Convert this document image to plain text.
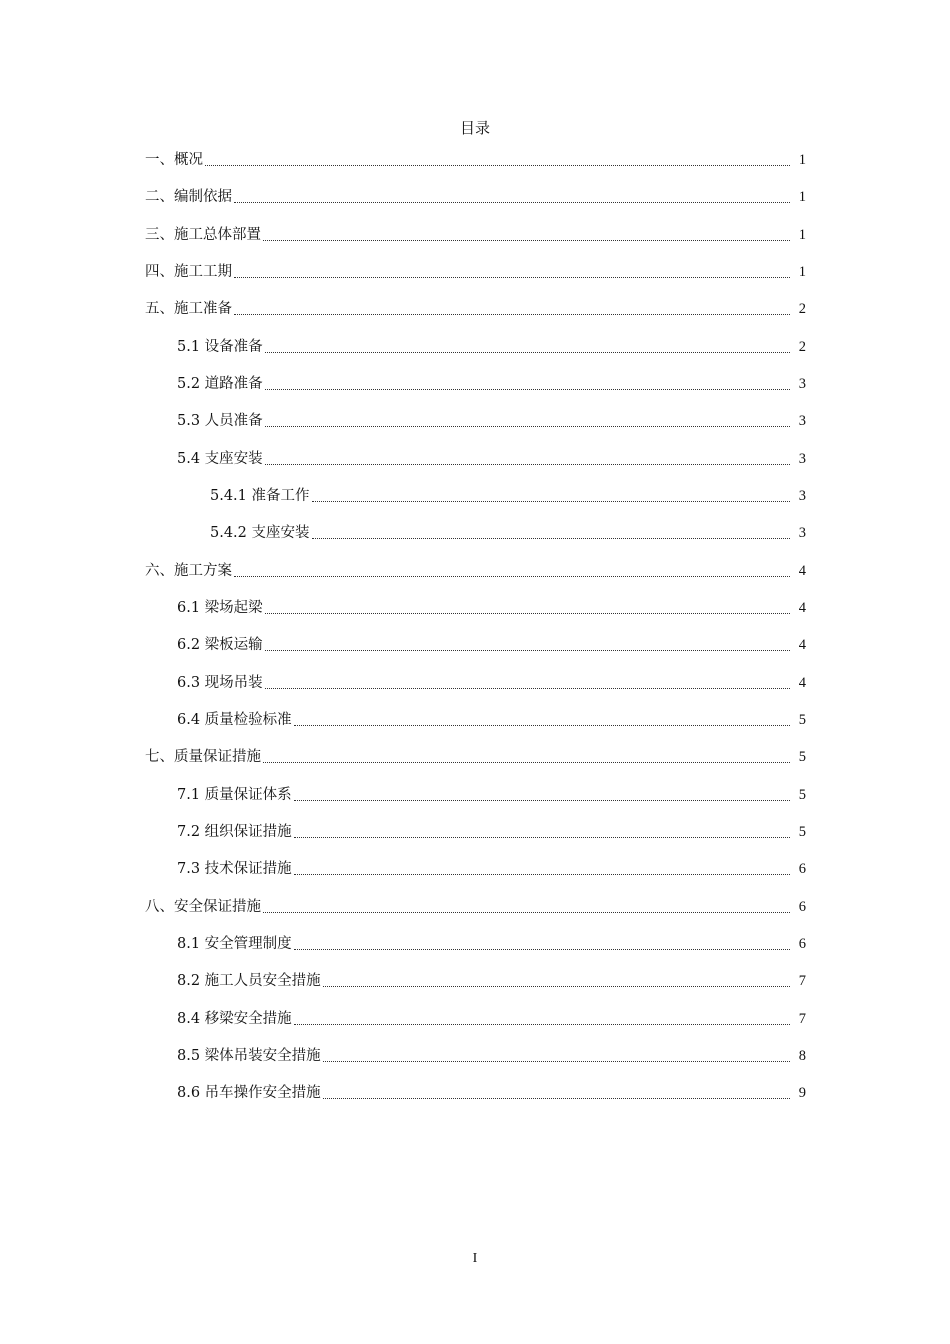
目录
一、概况	1
二、编制依据	1
三、施工总体部置	1
四、施工工期	1
五、施工准备	2
5.1 设备准备	2
5.2 道路准备	3
5.3 人员准备	3
5.4 支座安装	3
5.4.1 准备工作	3
5.4.2 支座安装	3
六、施工方案	4
6.1 梁场起梁	4
6.2 梁板运输	4
6.3 现场吊装	4
6.4 质量检验标准	5
七、质量保证措施	5
7.1 质量保证体系	5
7.2 组织保证措施	5
7.3 技术保证措施	6
八、安全保证措施	6
8.1 安全管理制度	6
8.2 施工人员安全措施	7
8.4 移梁安全措施	7
8.5 梁体吊装安全措施	8
8.6 吊车操作安全措施	9
I
